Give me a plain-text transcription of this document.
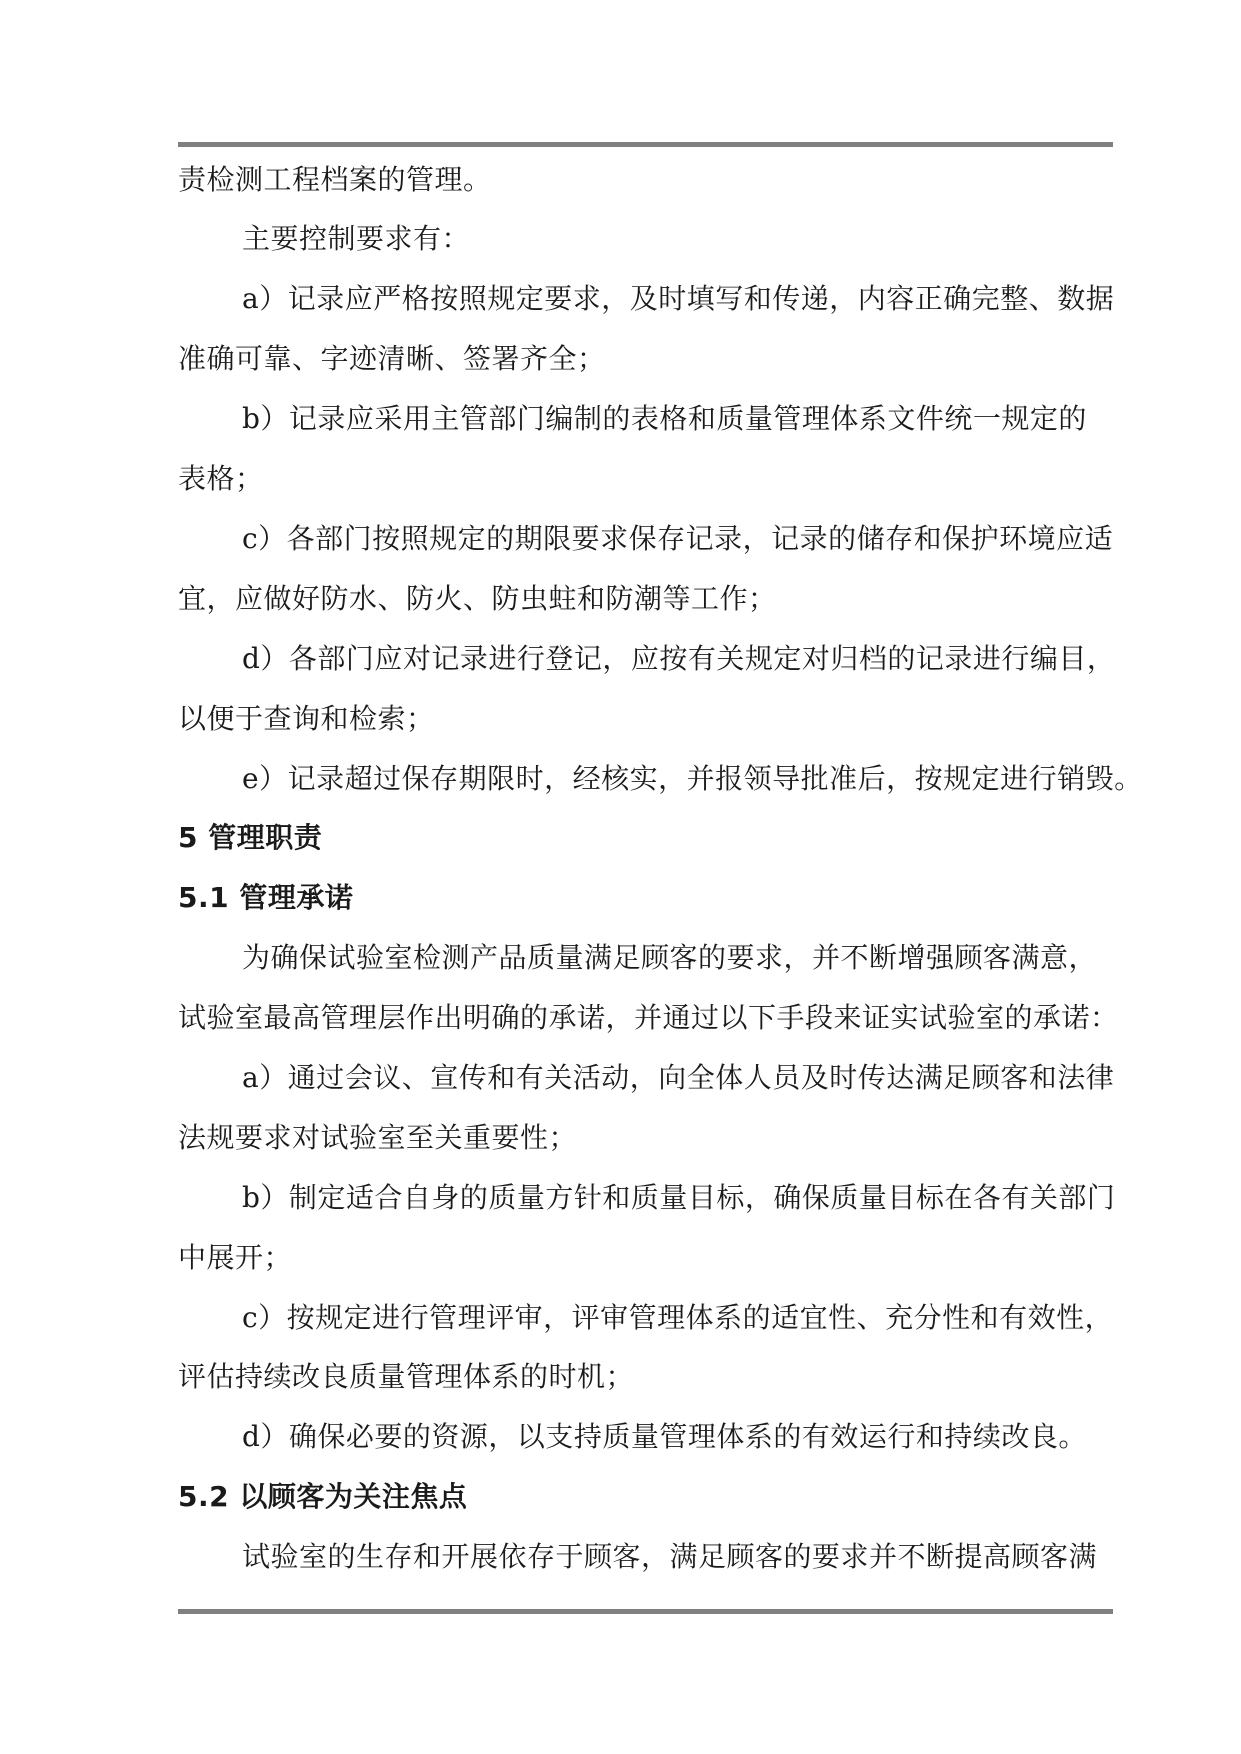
责检测工程档案的管理。
主要控制要求有：
a）记录应严格按照规定要求，及时填写和传递，内容正确完整、数据
准确可靠、字迹清晰、签署齐全；
b）记录应采用主管部门编制的表格和质量管理体系文件统一规定的
表格；
c）各部门按照规定的期限要求保存记录，记录的储存和保护环境应适
宜，应做好防水、防火、防虫蛀和防潮等工作；
d）各部门应对记录进行登记，应按有关规定对归档的记录进行编目，
以便于查询和检索；
e）记录超过保存期限时，经核实，并报领导批准后，按规定进行销毁。
5 管理职责
5.1 管理承诺
为确保试验室检测产品质量满足顾客的要求，并不断增强顾客满意，
试验室最高管理层作出明确的承诺，并通过以下手段来证实试验室的承诺：
a）通过会议、宣传和有关活动，向全体人员及时传达满足顾客和法律
法规要求对试验室至关重要性；
b）制定适合自身的质量方针和质量目标，确保质量目标在各有关部门
中展开；
c）按规定进行管理评审，评审管理体系的适宜性、充分性和有效性，
评估持续改良质量管理体系的时机；
d）确保必要的资源，以支持质量管理体系的有效运行和持续改良。
5.2 以顾客为关注焦点
试验室的生存和开展依存于顾客，满足顾客的要求并不断提高顾客满
